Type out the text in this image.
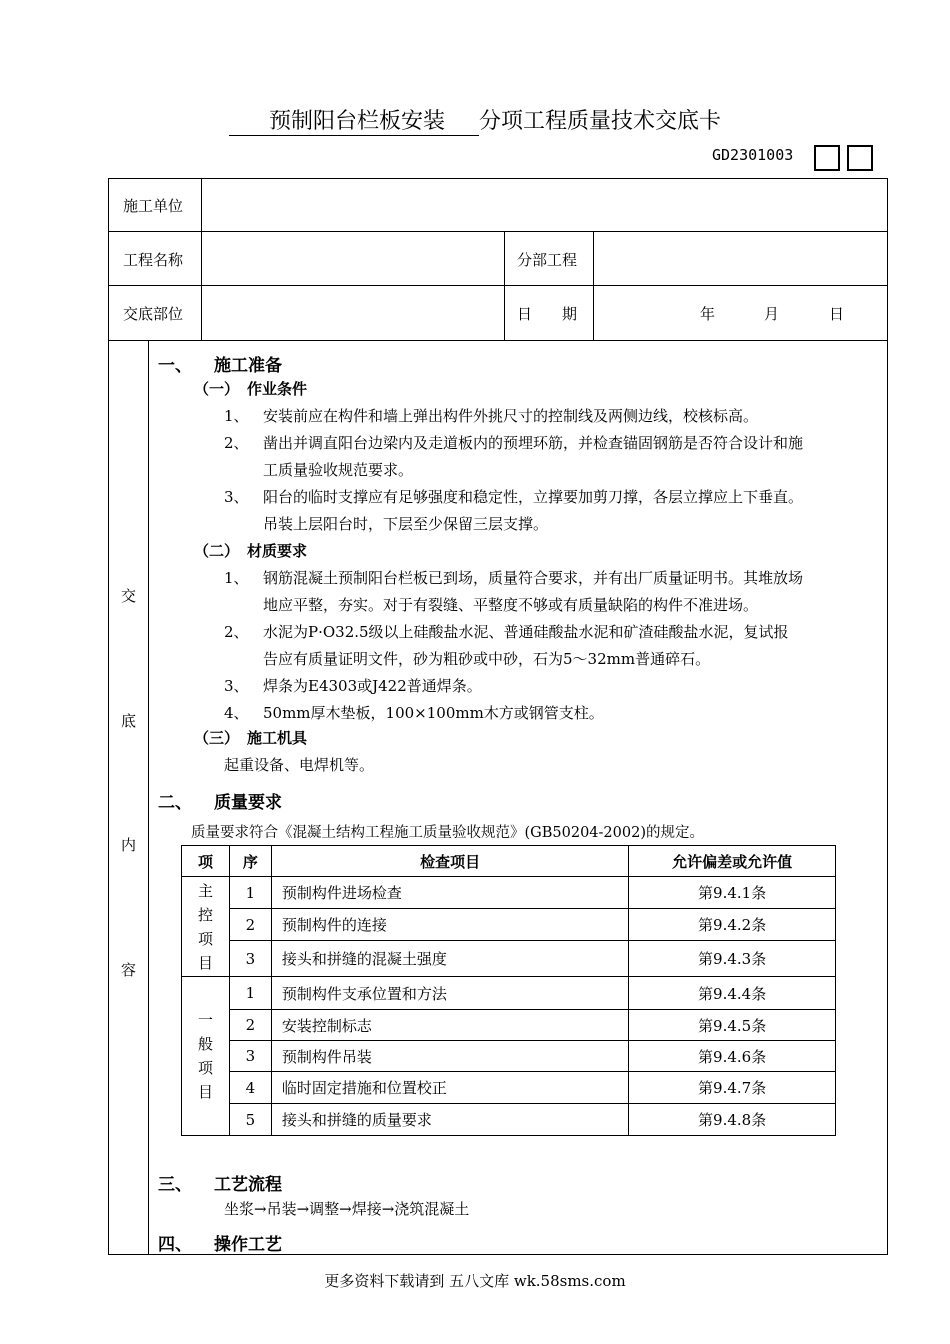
预制阳台栏板安装 分项工程质量技术交底卡
GD2301003
施工单位
工程名称	分部工程
交底部位	日　　期	年	月	日
交
底
内
容
一、 施工准备
（一） 作业条件
1、 安装前应在构件和墙上弹出构件外挑尺寸的控制线及两侧边线，校核标高。
2、 凿出并调直阳台边梁内及走道板内的预埋环筋，并检查锚固钢筋是否符合设计和施
工质量验收规范要求。
3、 阳台的临时支撑应有足够强度和稳定性，立撑要加剪刀撑，各层立撑应上下垂直。
吊装上层阳台时，下层至少保留三层支撑。
（二） 材质要求
1、 钢筋混凝土预制阳台栏板已到场，质量符合要求，并有出厂质量证明书。其堆放场
地应平整，夯实。对于有裂缝、平整度不够或有质量缺陷的构件不准进场。
2、 水泥为P·O32.5级以上硅酸盐水泥、普通硅酸盐水泥和矿渣硅酸盐水泥，复试报
告应有质量证明文件，砂为粗砂或中砂，石为5～32mm普通碎石。
3、 焊条为E4303或J422普通焊条。
4、 50mm厚木垫板，100×100mm木方或钢管支柱。
（三） 施工机具
起重设备、电焊机等。
二、 质量要求
质量要求符合《混凝土结构工程施工质量验收规范》(GB50204-2002)的规定。
项	序	检查项目	允许偏差或允许值
主
控
项
目	1	预制构件进场检查	第9.4.1条
	2	预制构件的连接	第9.4.2条
	3	接头和拼缝的混凝土强度	第9.4.3条
一
般
项
目	1	预制构件支承位置和方法	第9.4.4条
	2	安装控制标志	第9.4.5条
	3	预制构件吊装	第9.4.6条
	4	临时固定措施和位置校正	第9.4.7条
	5	接头和拼缝的质量要求	第9.4.8条
三、 工艺流程
坐浆→吊装→调整→焊接→浇筑混凝土
四、 操作工艺
更多资料下载请到 五八文库 wk.58sms.com
